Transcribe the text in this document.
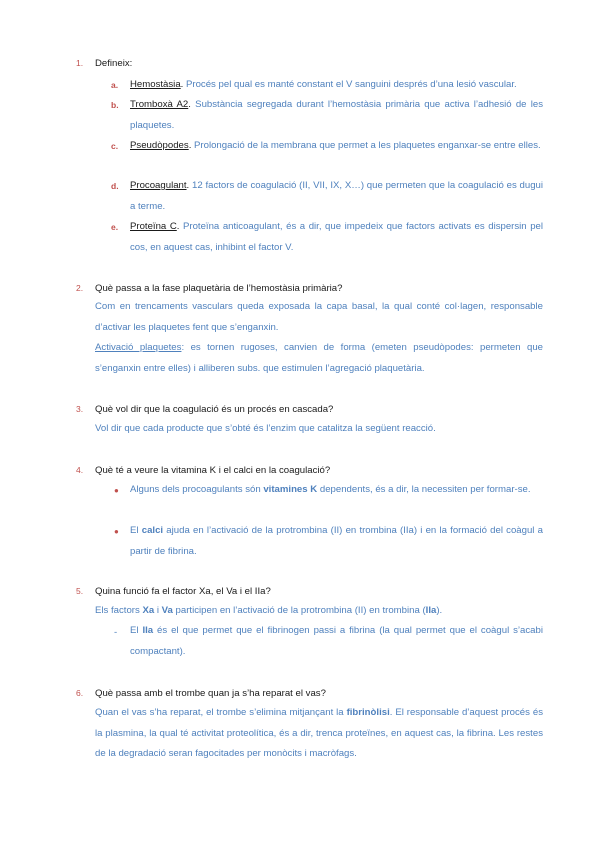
1. Defineix:
a. Hemostàsia. Procés pel qual es manté constant el V sanguini després d’una lesió vascular.
b. Tromboxà A2. Substància segregada durant l’hemostàsia primària que activa l’adhesió de les plaquetes.
c. Pseudòpodes. Prolongació de la membrana que permet a les plaquetes enganxar-se entre elles.
d. Procoagulant. 12 factors de coagulació (II, VII, IX, X…) que permeten que la coagulació es dugui a terme.
e. Proteïna C. Proteïna anticoagulant, és a dir, que impedeix que factors activats es dispersin pel cos, en aquest cas, inhibint el factor V.
2. Què passa a la fase plaquetària de l’hemostàsia primària?
Com en trencaments vasculars queda exposada la capa basal, la qual conté col·lagen, responsable d’activar les plaquetes fent que s’enganxin.
Activació plaquetes: es tornen rugoses, canvien de forma (emeten pseudòpodes: permeten que s’enganxin entre elles) i alliberen subs. que estimulen l’agregació plaquetària.
3. Què vol dir que la coagulació és un procés en cascada?
Vol dir que cada producte que s’obté és l’enzim que catalitza la següent reacció.
4. Què té a veure la vitamina K i el calci en la coagulació?
● Alguns dels procoagulants són vitamines K dependents, és a dir, la necessiten per formar-se.
● El calci ajuda en l’activació de la protrombina (II) en trombina (IIa) i en la formació del coàgul a partir de fibrina.
5. Quina funció fa el factor Xa, el Va i el IIa?
Els factors Xa i Va participen en l’activació de la protrombina (II) en trombina (IIa).
- El IIa és el que permet que el fibrinogen passi a fibrina (la qual permet que el coàgul s’acabi compactant).
6. Què passa amb el trombe quan ja s’ha reparat el vas?
Quan el vas s’ha reparat, el trombe s’elimina mitjançant la fibrinòlisi. El responsable d’aquest procés és la plasmina, la qual té activitat proteolítica, és a dir, trenca proteïnes, en aquest cas, la fibrina. Les restes de la degradació seran fagocitades per monòcits i macròfags.
